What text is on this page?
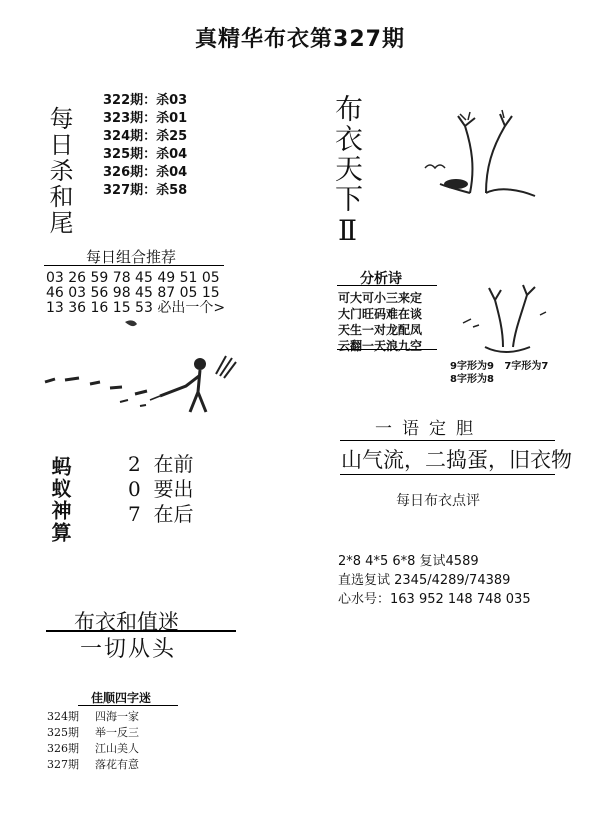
真精华布衣第327期
每日杀和尾
322期：杀03
323期：杀01
324期：杀25
325期：杀04
326期：杀04
327期：杀58	布衣天下Ⅱ
每日组合推荐
03 26 59 78 45 49 51 05
46 03 56 98 45 87 05 15
13 36 16 15 53 必出一个>
分析诗
可大可小三来定
大门旺码难在谈
天生一对龙配凤
云翻一天浪九空
9字形为9   7字形为7
8字形为8
一语定胆
山气流，二捣蛋，旧衣物
每日布衣点评
蚂蚁神算	2  在前
0  要出
7  在后
2*8 4*5 6*8 复试4589
直选复试 2345/4289/74389
心水号：163 952 148 748 035
布衣和值迷
一切从头
佳顺四字迷
324期 四海一家
325期 举一反三
326期 江山美人
327期 落花有意
